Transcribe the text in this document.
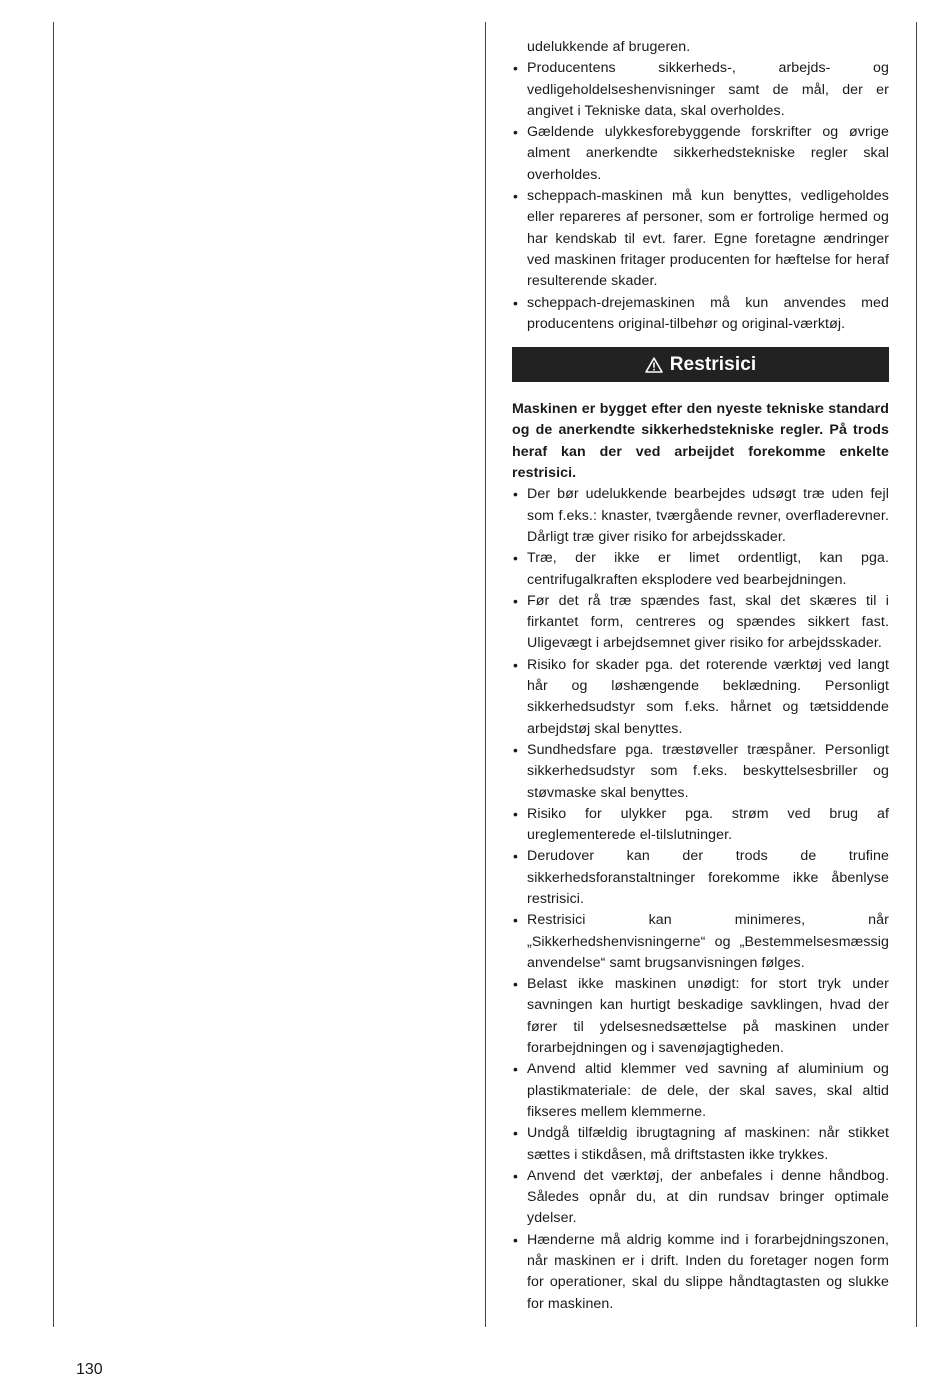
udelukkende af brugeren.

• Producentens sikkerheds-, arbejds- og vedligeholdelseshenvisninger samt de mål, der er angivet i Tekniske data, skal overholdes.
• Gældende ulykkesforebyggende forskrifter og øvrige alment anerkendte sikkerhedstekniske regler skal overholdes.
• scheppach-maskinen må kun benyttes, vedligeholdes eller repareres af personer, som er fortrolige hermed og har kendskab til evt. farer. Egne foretagne ændringer ved maskinen fritager producenten for hæftelse for heraf resulterende skader.
• scheppach-drejemaskinen må kun anvendes med producentens original-tilbehør og original-værktøj.
Restrisici

Maskinen er bygget efter den nyeste tekniske standard og de anerkendte sikkerhedstekniske regler. På trods heraf kan der ved arbeijdet forekomme enkelte restrisici.

• Der bør udelukkende bearbejdes udsøgt træ uden fejl som f.eks.: knaster, tværgående revner, overfladerevner. Dårligt træ giver risiko for arbejdsskader.
• Træ, der ikke er limet ordentligt, kan pga. centrifugalkraften eksplodere ved bearbejdningen.
• Før det rå træ spændes fast, skal det skæres til i firkantet form, centreres og spændes sikkert fast. Uligevægt i arbejdsemnet giver risiko for arbejdsskader.
• Risiko for skader pga. det roterende værktøj ved langt hår og løshængende beklædning. Personligt sikkerhedsudstyr som f.eks. hårnet og tætsiddende arbejdstøj skal benyttes.
• Sundhedsfare pga. træstøveller træspåner. Personligt sikkerhedsudstyr som f.eks. beskyttelsesbriller og støvmaske skal benyttes.
• Risiko for ulykker pga. strøm ved brug af ureglementerede el-tilslutninger.
• Derudover kan der trods de trufine sikkerhedsforanstaltninger forekomme ikke åbenlyse restrisici.
• Restrisici kan minimeres, når „Sikkerhedshenvisningerne“ og „Bestemmelsesmæssig anvendelse“ samt brugsanvisningen følges.
• Belast ikke maskinen unødigt: for stort tryk under savningen kan hurtigt beskadige savklingen, hvad der fører til ydelsesnedsættelse på maskinen under forarbejdningen og i savenøjagtigheden.
• Anvend altid klemmer ved savning af aluminium og plastikmateriale: de dele, der skal saves, skal altid fikseres mellem klemmerne.
• Undgå tilfældig ibrugtagning af maskinen: når stikket sættes i stikdåsen, må driftstasten ikke trykkes.
• Anvend det værktøj, der anbefales i denne håndbog. Således opnår du, at din rundsav bringer optimale ydelser.
• Hænderne må aldrig komme ind i forarbejdningszonen, når maskinen er i drift. Inden du foretager nogen form for operationer, skal du slippe håndtagtasten og slukke for maskinen.
130
